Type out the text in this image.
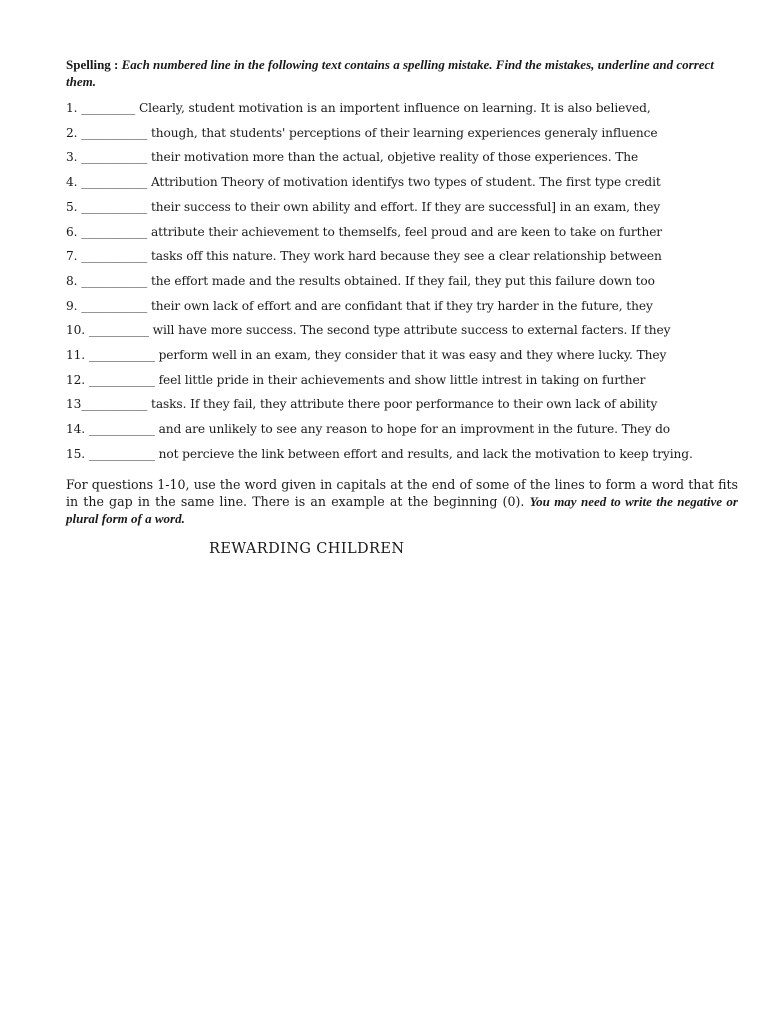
Spelling : Each numbered line in the following text contains a spelling mistake. Find the mistakes, underline and correct them.

1. _________ Clearly, student motivation is an importent influence on learning. It is also believed,
2. ___________ though, that students' perceptions of their learning experiences generaly influence
3. ___________ their motivation more than the actual, objetive reality of those experiences. The
4. ___________ Attribution Theory of motivation identifys two types of student. The first type credit
5. ___________ their success to their own ability and effort. If they are successful] in an exam, they
6. ___________ attribute their achievement to themselfs, feel proud and are keen to take on further
7. ___________ tasks off this nature. They work hard because they see a clear relationship between
8. ___________ the effort made and the results obtained. If they fail, they put this failure down too
9. ___________ their own lack of effort and are confidant that if they try harder in the future, they
10. __________ will have more success. The second type attribute success to external facters. If they
11. ___________ perform well in an exam, they consider that it was easy and they where lucky. They
12. ___________ feel little pride in their achievements and show little intrest in taking on further
13___________ tasks. If they fail, they attribute there poor performance to their own lack of ability
14. ___________ and are unlikely to see any reason to hope for an improvment in the future. They do
15. ___________ not percieve the link between effort and results, and lack the motivation to keep trying.

For questions 1-10, use the word given in capitals at the end of some of the lines to form a word that fits in the gap in the same line. There is an example at the beginning (0). You may need to write the negative or plural form of a word.

REWARDING CHILDREN
